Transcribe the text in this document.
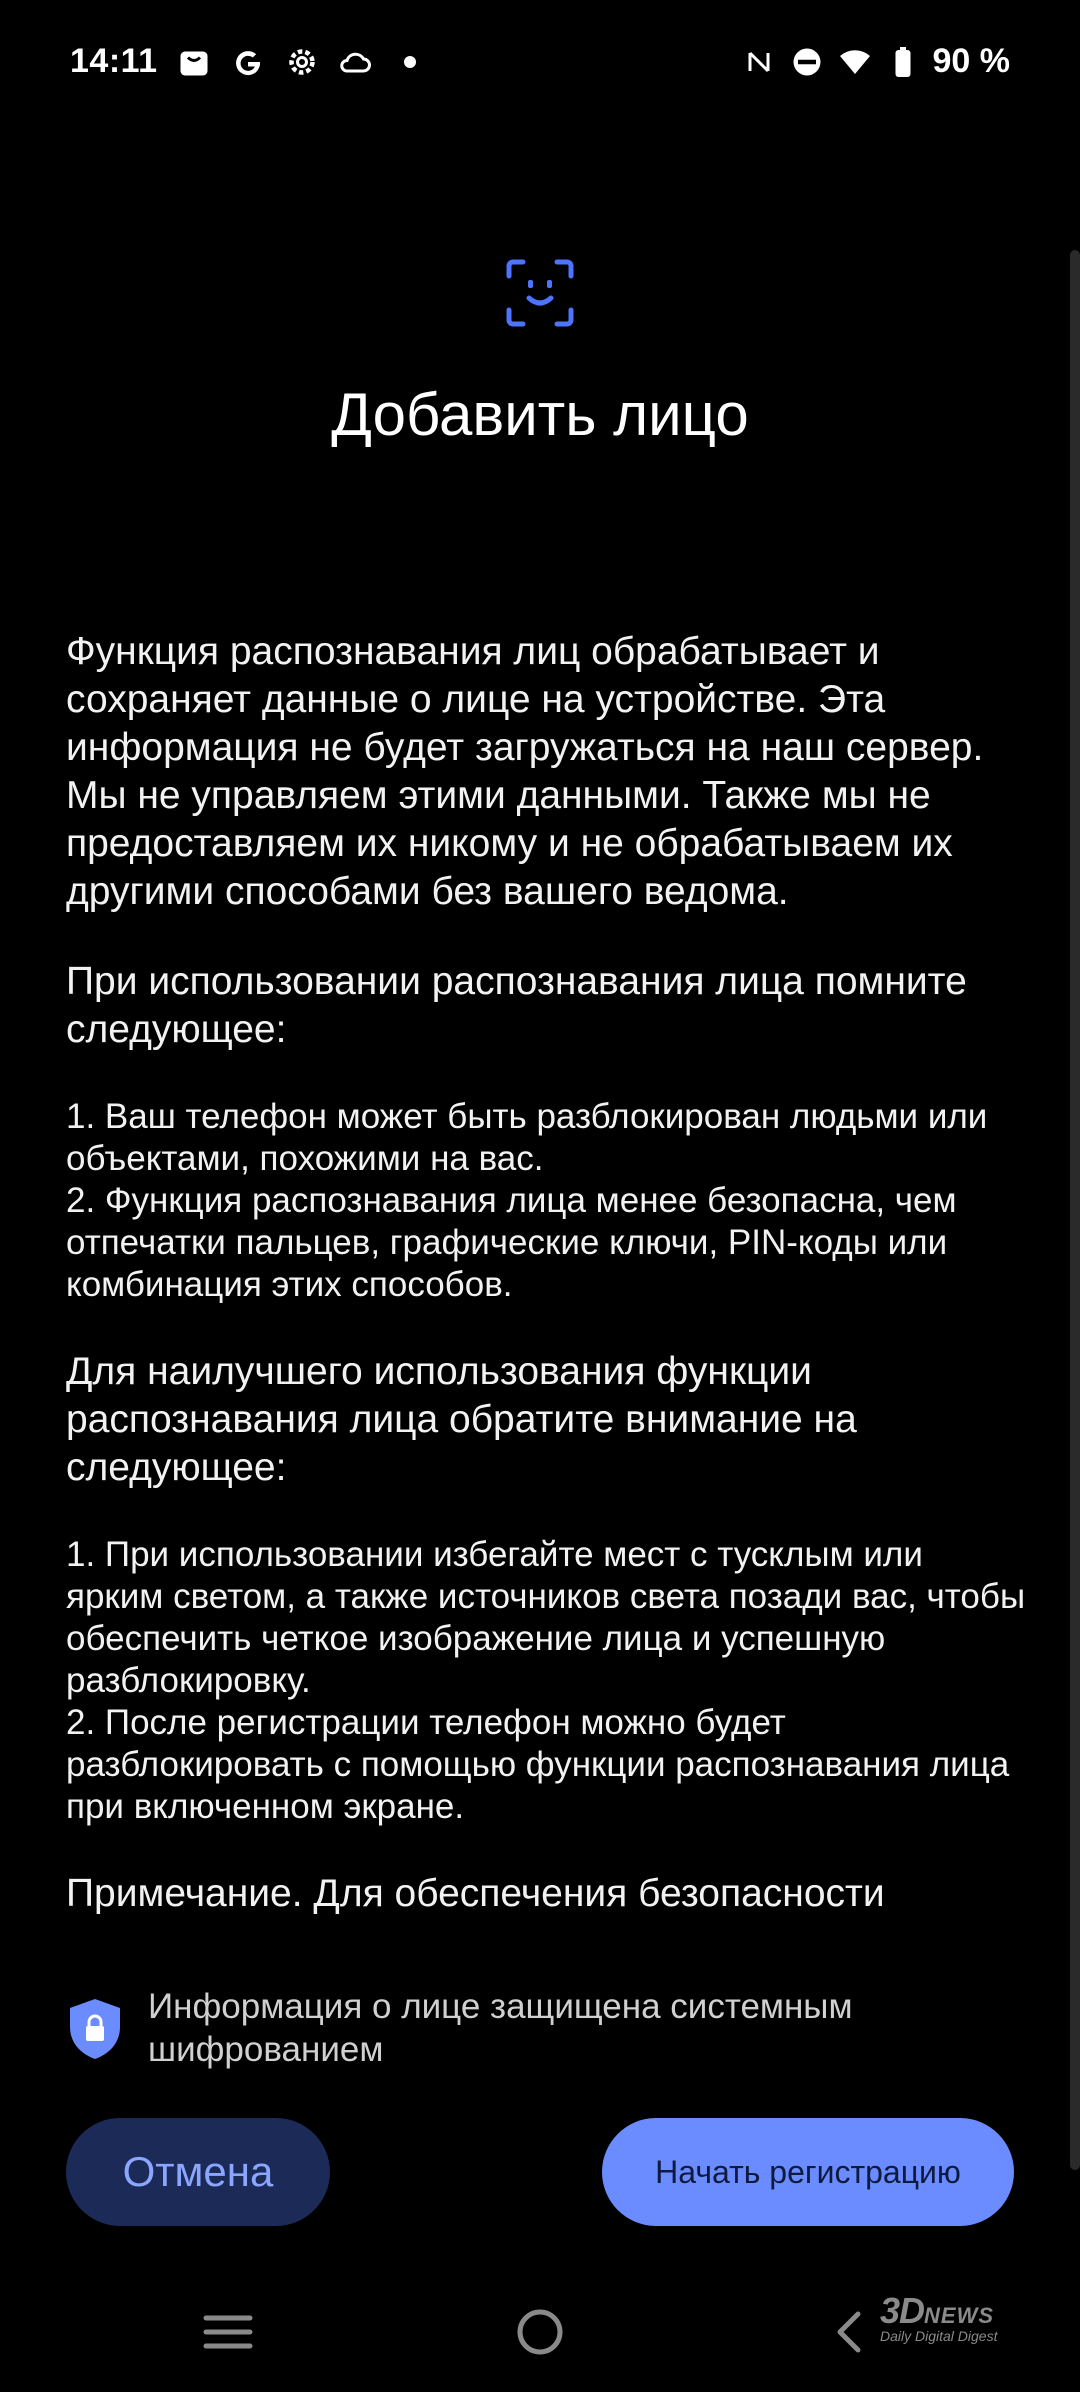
14:11	90 %
Добавить лицо

Функция распознавания лиц обрабатывает и сохраняет данные о лице на устройстве. Эта информация не будет загружаться на наш сервер. Мы не управляем этими данными. Также мы не предоставляем их никому и не обрабатываем их другими способами без вашего ведома.

При использовании распознавания лица помните следующее:

1. Ваш телефон может быть разблокирован людьми или объектами, похожими на вас.
2. Функция распознавания лица менее безопасна, чем отпечатки пальцев, графические ключи, PIN-коды или комбинация этих способов.

Для наилучшего использования функции распознавания лица обратите внимание на следующее:

1. При использовании избегайте мест с тусклым или ярким светом, а также источников света позади вас, чтобы обеспечить четкое изображение лица и успешную разблокировку.
2. После регистрации телефон можно будет разблокировать с помощью функции распознавания лица при включенном экране.

Примечание. Для обеспечения безопасности

Информация о лице защищена системным шифрованием
Отмена	Начать регистрацию
3DNEWS
Daily Digital Digest
